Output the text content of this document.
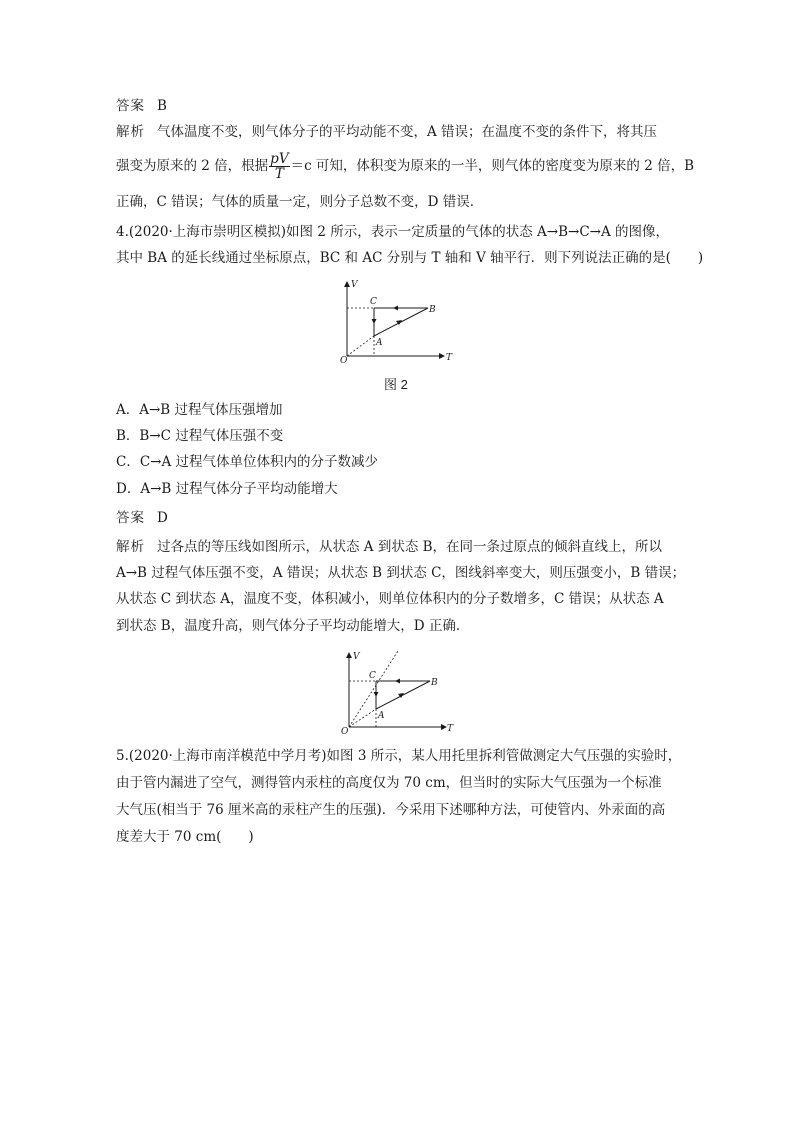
答案 B
解析 气体温度不变，则气体分子的平均动能不变，A 错误；在温度不变的条件下，将其压
强变为原来的 2 倍，根据 $\frac{pV}{T} =c$ 可知，体积变为原来的一半，则气体的密度变为原来的 2 倍，B
正确，C 错误；气体的质量一定，则分子总数不变，D 错误．
4.(2020·上海市崇明区模拟)如图 2 所示，表示一定质量的气体的状态 A→B→C→A 的图像，
其中 BA 的延长线通过坐标原点，BC 和 AC 分别与 T 轴和 V 轴平行．则下列说法正确的是(　　)
V
T
O
A
B
C
图 2
A．A→B 过程气体压强增加
B．B→C 过程气体压强不变
C．C→A 过程气体单位体积内的分子数减少
D．A→B 过程气体分子平均动能增大
答案 D
解析 过各点的等压线如图所示，从状态 A 到状态 B，在同一条过原点的倾斜直线上，所以
A→B 过程气体压强不变，A 错误；从状态 B 到状态 C，图线斜率变大，则压强变小，B 错误；
从状态 C 到状态 A，温度不变，体积减小，则单位体积内的分子数增多，C 错误；从状态 A
到状态 B，温度升高，则气体分子平均动能增大，D 正确．
V
T
O
A
B
C
5.(2020·上海市南洋模范中学月考)如图 3 所示，某人用托里拆利管做测定大气压强的实验时，
由于管内漏进了空气，测得管内汞柱的高度仅为 70 cm，但当时的实际大气压强为一个标准
大气压(相当于 76 厘米高的汞柱产生的压强)．今采用下述哪种方法，可使管内、外汞面的高
度差大于 70 cm(　　)
